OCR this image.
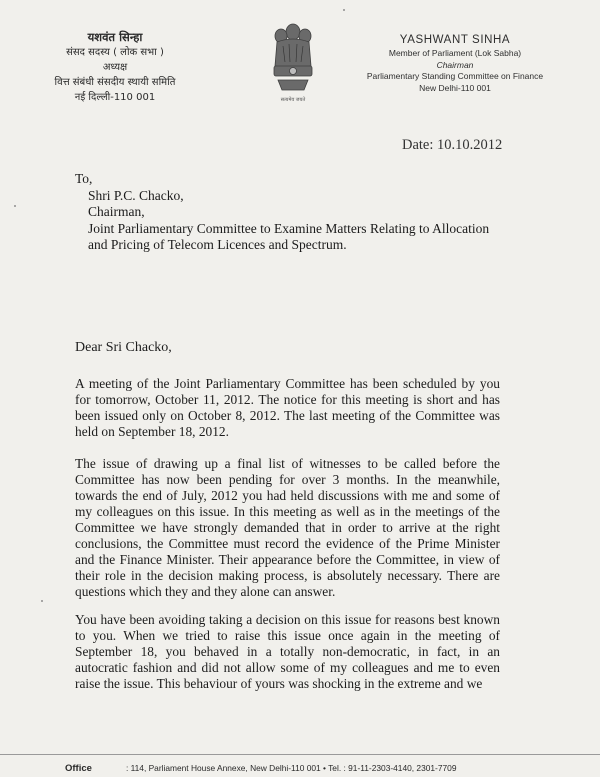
यशवंत सिन्हा
संसद सदस्य ( लोक सभा )
अध्यक्ष
वित्त संबंधी संसदीय स्थायी समिति
नई दिल्ली-110 001	सत्यमेव जयते
YASHWANT SINHA
Member of Parliament (Lok Sabha)
Chairman
Parliamentary Standing Committee on Finance
New Delhi-110 001
Date: 10.10.2012
To,
Shri P.C. Chacko,
Chairman,
Joint Parliamentary Committee to Examine Matters Relating to Allocation
and Pricing of Telecom Licences and Spectrum.
Dear Sri Chacko,
A meeting of the Joint Parliamentary Committee has been scheduled by you for tomorrow, October 11, 2012. The notice for this meeting is short and has been issued only on October 8, 2012. The last meeting of the Committee was held on September 18, 2012.
The issue of drawing up a final list of witnesses to be called before the Committee has now been pending for over 3 months. In the meanwhile, towards the end of July, 2012 you had held discussions with me and some of my colleagues on this issue. In this meeting as well as in the meetings of the Committee we have strongly demanded that in order to arrive at the right conclusions, the Committee must record the evidence of the Prime Minister and the Finance Minister. Their appearance before the Committee, in view of their role in the decision making process, is absolutely necessary. There are questions which they and they alone can answer.
You have been avoiding taking a decision on this issue for reasons best known to you. When we tried to raise this issue once again in the meeting of September 18, you behaved in a totally non-democratic, in fact, in an autocratic fashion and did not allow some of my colleagues and me to even raise the issue. This behaviour of yours was shocking in the extreme and we
Office	: 114, Parliament House Annexe, New Delhi-110 001 • Tel. : 91-11-2303-4140, 2301-7709
